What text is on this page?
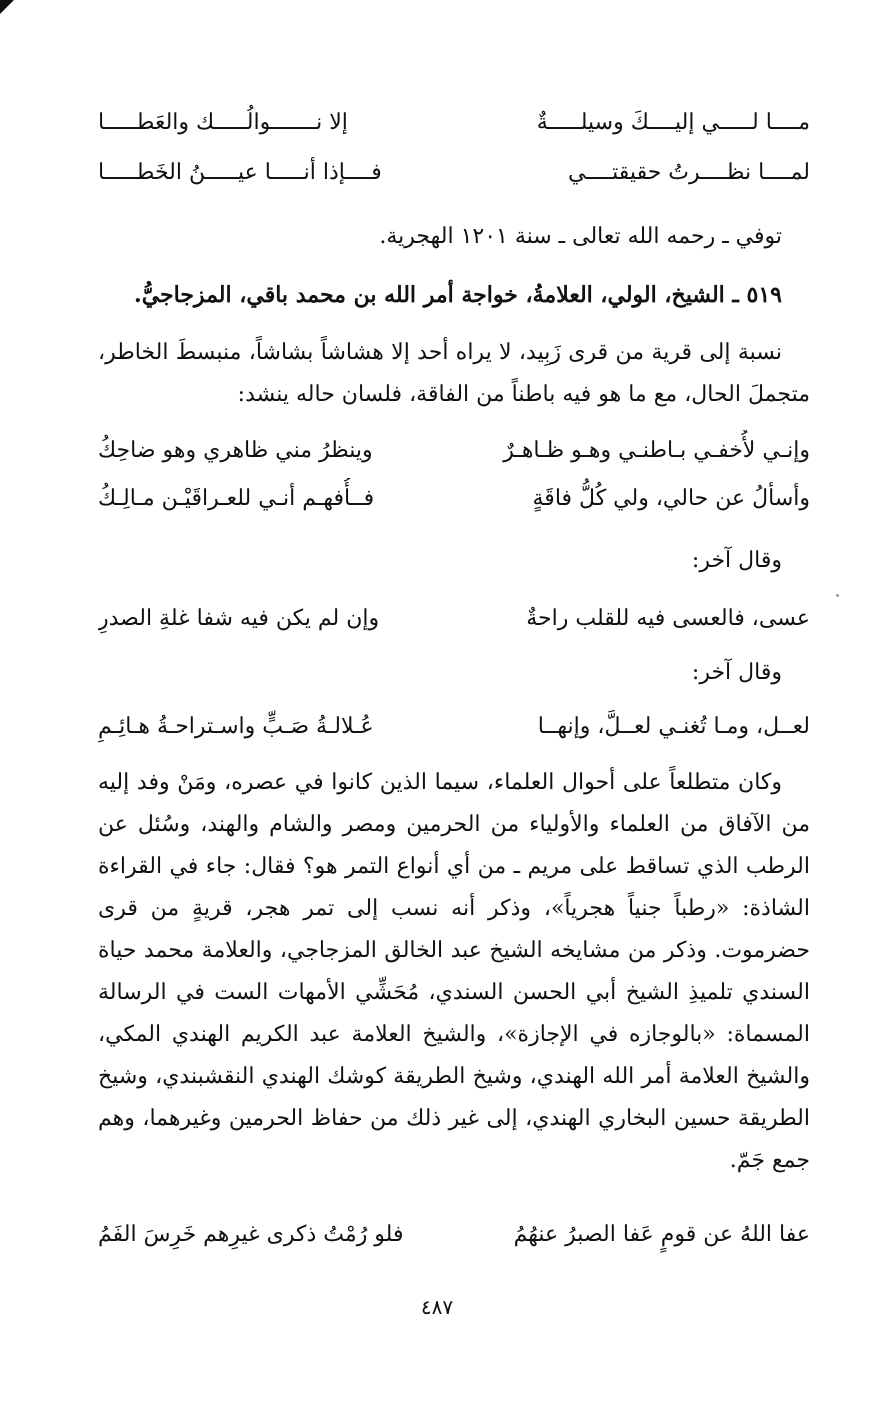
مــــا لـــــي إليــــكَ وسيلـــــةٌ
إلا نـــــــوالُـــــك والعَطـــــا
لمــــا نظــــرتُ حقيقتــــي
فــــإذا أنـــــا عيـــــنُ الخَطـــــا
توفي ـ رحمه الله تعالى ـ سنة ١٢٠١ الهجرية.
٥١٩ ـ الشيخ، الولي، العلامةُ، خواجة أمر الله بن محمد باقي، المزجاجيُّ.
نسبة إلى قرية من قرى زَبِيد، لا يراه أحد إلا هشاشاً بشاشاً، منبسطَ الخاطر، متجملَ الحال، مع ما هو فيه باطناً من الفاقة، فلسان حاله ينشد:
وإنـي لأُخفـي بـاطنـي وهـو ظـاهـرٌ
وينظرُ مني ظاهري وهو ضاحِكُ
وأسألُ عن حالي، ولي كُلُّ فاقَةٍ
فــأُفهـم أنـي للعـراقَيْـن مـالِـكُ
وقال آخر:
عسى، فالعسى فيه للقلب راحةٌ
وإن لم يكن فيه شفا غلةِ الصدرِ
وقال آخر:
لعــل، ومـا تُغنـي لعــلَّ، وإنهــا
عُـلالـةُ صَـبٍّ واسـتراحـةُ هـائِـمِ
وكان متطلعاً على أحوال العلماء، سيما الذين كانوا في عصره، ومَنْ وفد إليه من الآفاق من العلماء والأولياء من الحرمين ومصر والشام والهند، وسُئل عن الرطب الذي تساقط على مريم ـ من أي أنواع التمر هو؟ فقال: جاء في القراءة الشاذة: «رطباً جنياً هجرياً»، وذكر أنه نسب إلى تمر هجر، قريةٍ من قرى حضرموت. وذكر من مشايخه الشيخ عبد الخالق المزجاجي، والعلامة محمد حياة السندي تلميذِ الشيخ أبي الحسن السندي، مُحَشِّي الأمهات الست في الرسالة المسماة: «بالوجازه في الإجازة»، والشيخ العلامة عبد الكريم الهندي المكي، والشيخ العلامة أمر الله الهندي، وشيخ الطريقة كوشك الهندي النقشبندي، وشيخ الطريقة حسين البخاري الهندي، إلى غير ذلك من حفاظ الحرمين وغيرهما، وهم جمع جَمّ.
عفا اللهُ عن قومٍ عَفا الصبرُ عنهُمُ
فلو رُمْتُ ذكرى غيرِهم خَرِسَ الفَمُ
٤٨٧
